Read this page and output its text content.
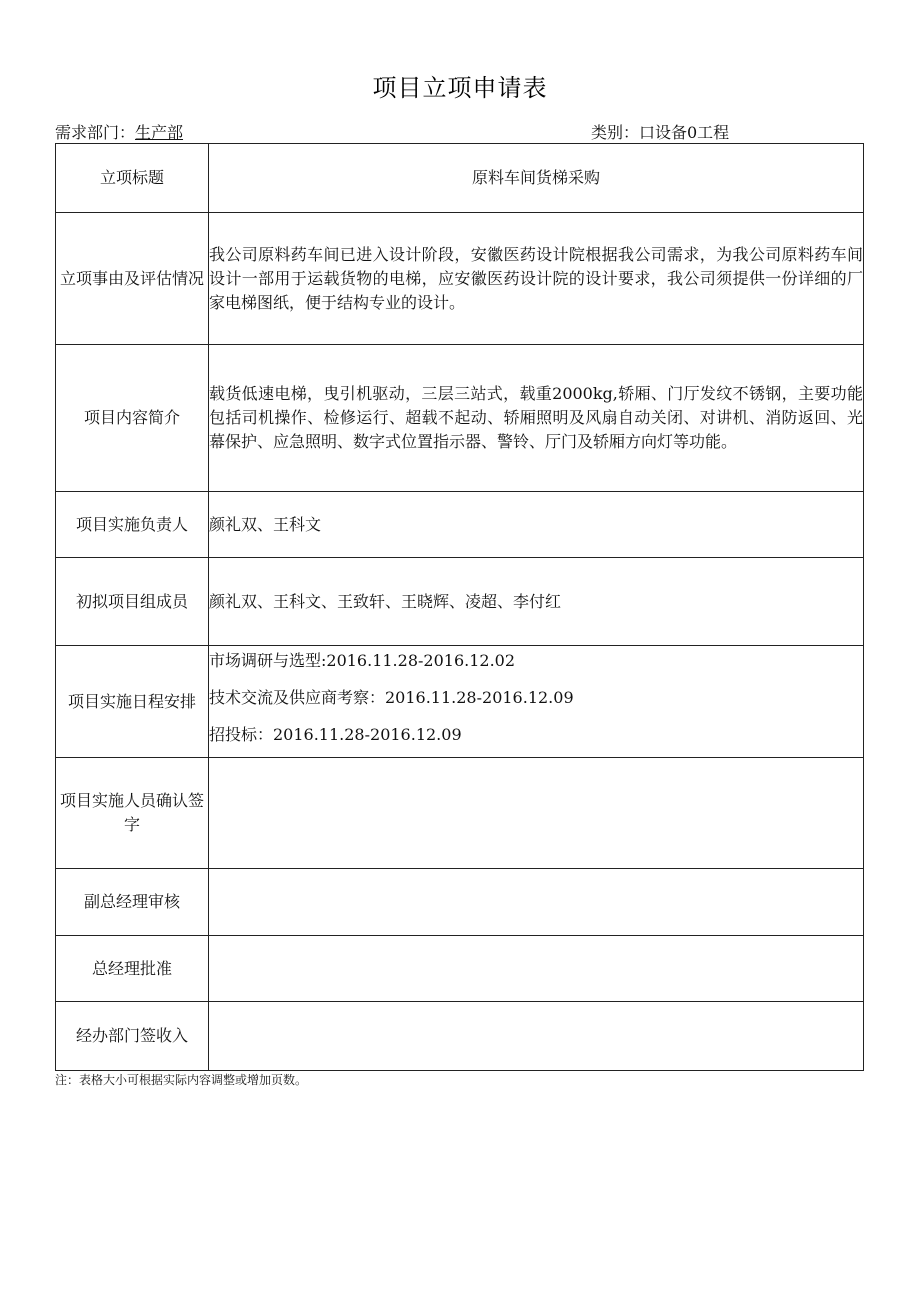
项目立项申请表
需求部门：生产部	类别：口设备0工程
立项标题	原料车间货梯采购
立项事由及评估情况	我公司原料药车间已进入设计阶段，安徽医药设计院根据我公司需求，为我公司原料药车间设计一部用于运载货物的电梯，应安徽医药设计院的设计要求，我公司须提供一份详细的厂家电梯图纸，便于结构专业的设计。
项目内容简介	载货低速电梯，曳引机驱动，三层三站式，载重2000kg,轿厢、门厅发纹不锈钢，主要功能包括司机操作、检修运行、超载不起动、轿厢照明及风扇自动关闭、对讲机、消防返回、光幕保护、应急照明、数字式位置指示器、警铃、厅门及轿厢方向灯等功能。
项目实施负责人	颜礼双、王科文
初拟项目组成员	颜礼双、王科文、王致轩、王晓辉、凌超、李付红
项目实施日程安排	市场调研与选型:2016.11.28-2016.12.02
技术交流及供应商考察：2016.11.28-2016.12.09
招投标：2016.11.28-2016.12.09

项目实施人员确认签字	
副总经理审核	
总经理批准	
经办部门签收入	
注：表格大小可根据实际内容调整或增加页数。
